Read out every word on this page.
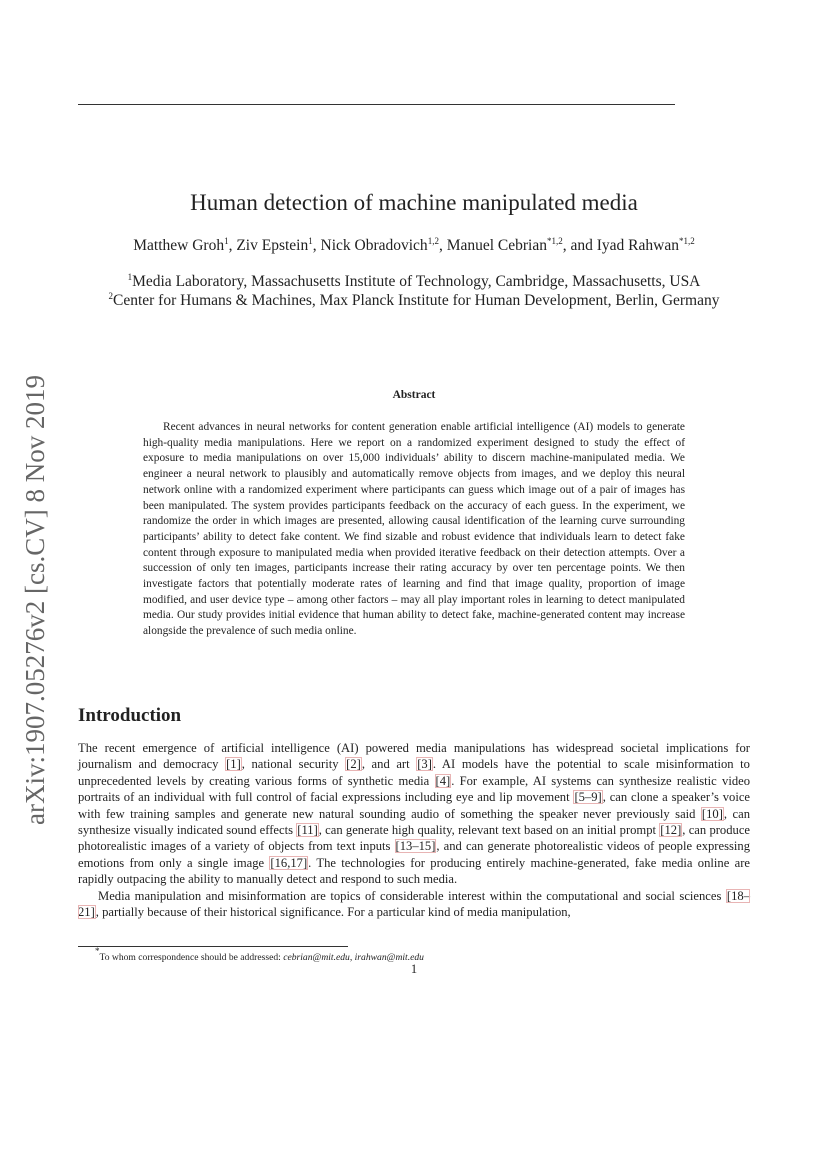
arXiv:1907.05276v2 [cs.CV] 8 Nov 2019
Human detection of machine manipulated media
Matthew Groh$^1$, Ziv Epstein$^1$, Nick Obradovich$^{1,2}$, Manuel Cebrian$^{*1,2}$, and Iyad Rahwan$^{*1,2}$
$^1$Media Laboratory, Massachusetts Institute of Technology, Cambridge, Massachusetts, USA
$^2$Center for Humans & Machines, Max Planck Institute for Human Development, Berlin, Germany
Abstract

Recent advances in neural networks for content generation enable artificial intelligence (AI) models to generate high-quality media manipulations. Here we report on a randomized experiment designed to study the effect of exposure to media manipulations on over 15,000 individuals’ ability to discern machine-manipulated media. We engineer a neural network to plausibly and automatically remove objects from images, and we deploy this neural network online with a randomized experiment where participants can guess which image out of a pair of images has been manipulated. The system provides participants feedback on the accuracy of each guess. In the experiment, we randomize the order in which images are presented, allowing causal identification of the learning curve surrounding participants’ ability to detect fake content. We find sizable and robust evidence that individuals learn to detect fake content through exposure to manipulated media when provided iterative feedback on their detection attempts. Over a succession of only ten images, participants increase their rating accuracy by over ten percentage points. We then investigate factors that potentially moderate rates of learning and find that image quality, proportion of image modified, and user device type – among other factors – may all play important roles in learning to detect manipulated media. Our study provides initial evidence that human ability to detect fake, machine-generated content may increase alongside the prevalence of such media online.

Introduction

The recent emergence of artificial intelligence (AI) powered media manipulations has widespread societal implications for journalism and democracy [1], national security [2], and art [3]. AI models have the potential to scale misinformation to unprecedented levels by creating various forms of synthetic media [4]. For example, AI systems can synthesize realistic video portraits of an individual with full control of facial expressions including eye and lip movement [5–9], can clone a speaker’s voice with few training samples and generate new natural sounding audio of something the speaker never previously said [10], can synthesize visually indicated sound effects [11], can generate high quality, relevant text based on an initial prompt [12], can produce photorealistic images of a variety of objects from text inputs [13–15], and can generate photorealistic videos of people expressing emotions from only a single image [16,17]. The technologies for producing entirely machine-generated, fake media online are rapidly outpacing the ability to manually detect and respond to such media.

Media manipulation and misinformation are topics of considerable interest within the computational and social sciences [18–21], partially because of their historical significance. For a particular kind of media manipulation,

*To whom correspondence should be addressed: cebrian@mit.edu, irahwan@mit.edu
1
